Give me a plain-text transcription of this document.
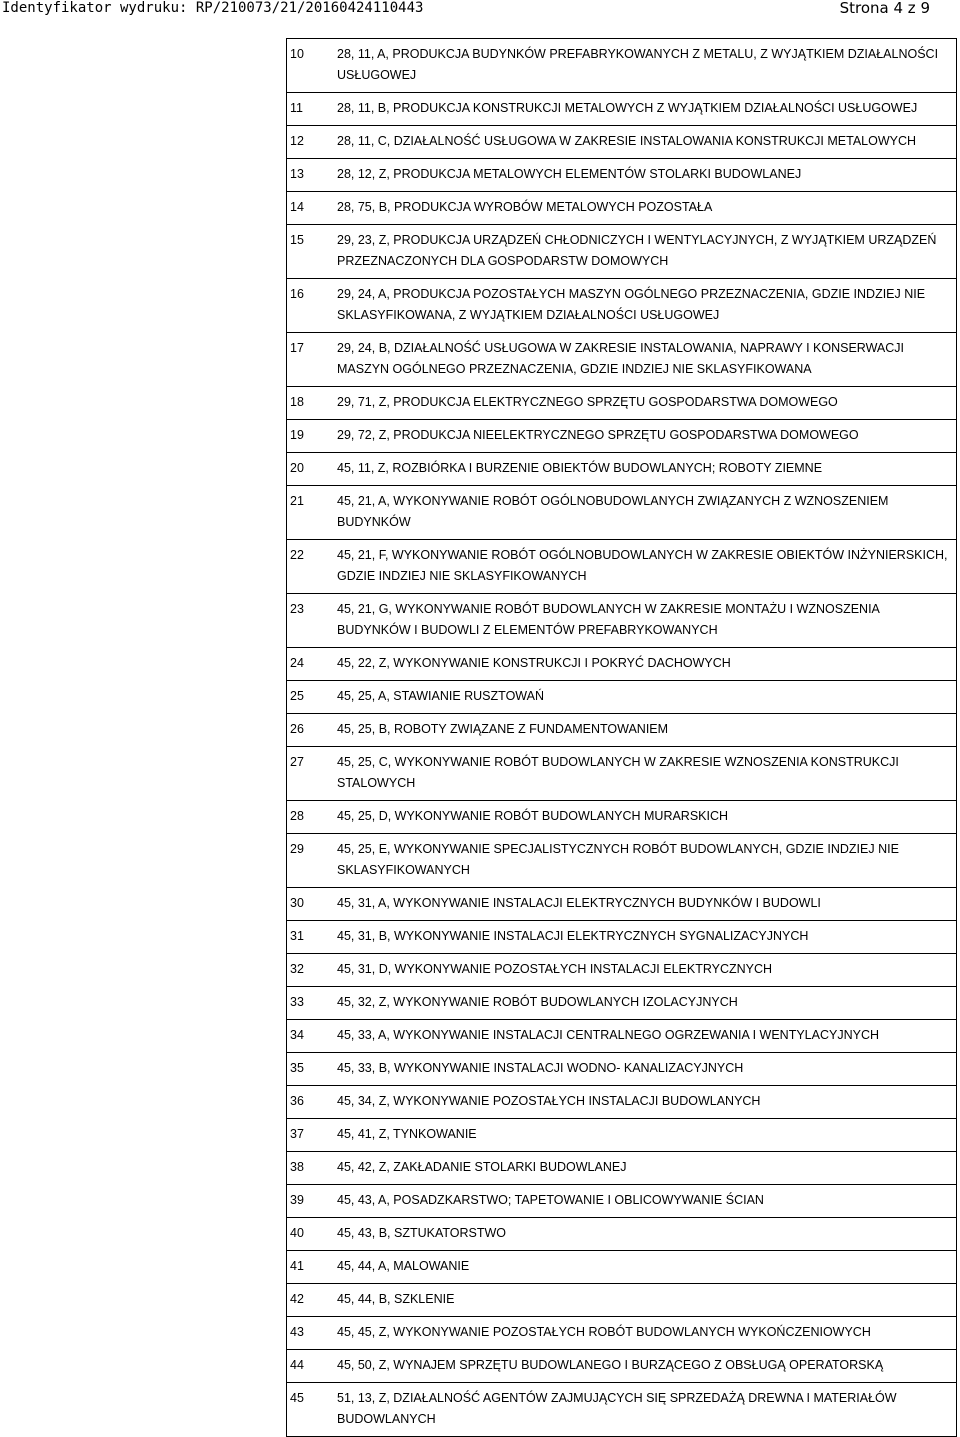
Identyfikator wydruku: RP/210073/21/20160424110443	Strona 4 z 9
10	28, 11, A, PRODUKCJA BUDYNKÓW PREFABRYKOWANYCH Z METALU, Z WYJĄTKIEM DZIAŁALNOŚCI USŁUGOWEJ
11	28, 11, B, PRODUKCJA KONSTRUKCJI METALOWYCH Z WYJĄTKIEM DZIAŁALNOŚCI USŁUGOWEJ
12	28, 11, C, DZIAŁALNOŚĆ USŁUGOWA W ZAKRESIE INSTALOWANIA KONSTRUKCJI METALOWYCH
13	28, 12, Z, PRODUKCJA METALOWYCH ELEMENTÓW STOLARKI BUDOWLANEJ
14	28, 75, B, PRODUKCJA WYROBÓW METALOWYCH POZOSTAŁA
15	29, 23, Z, PRODUKCJA URZĄDZEŃ CHŁODNICZYCH I WENTYLACYJNYCH, Z WYJĄTKIEM URZĄDZEŃ PRZEZNACZONYCH DLA GOSPODARSTW DOMOWYCH
16	29, 24, A, PRODUKCJA POZOSTAŁYCH MASZYN OGÓLNEGO PRZEZNACZENIA, GDZIE INDZIEJ NIE SKLASYFIKOWANA, Z WYJĄTKIEM DZIAŁALNOŚCI USŁUGOWEJ
17	29, 24, B, DZIAŁALNOŚĆ USŁUGOWA W ZAKRESIE INSTALOWANIA, NAPRAWY I KONSERWACJI MASZYN OGÓLNEGO PRZEZNACZENIA, GDZIE INDZIEJ NIE SKLASYFIKOWANA
18	29, 71, Z, PRODUKCJA ELEKTRYCZNEGO SPRZĘTU GOSPODARSTWA DOMOWEGO
19	29, 72, Z, PRODUKCJA NIEELEKTRYCZNEGO SPRZĘTU GOSPODARSTWA DOMOWEGO
20	45, 11, Z, ROZBIÓRKA I BURZENIE OBIEKTÓW BUDOWLANYCH; ROBOTY ZIEMNE
21	45, 21, A, WYKONYWANIE ROBÓT OGÓLNOBUDOWLANYCH ZWIĄZANYCH Z WZNOSZENIEM BUDYNKÓW
22	45, 21, F, WYKONYWANIE ROBÓT OGÓLNOBUDOWLANYCH W ZAKRESIE OBIEKTÓW INŻYNIERSKICH, GDZIE INDZIEJ NIE SKLASYFIKOWANYCH
23	45, 21, G, WYKONYWANIE ROBÓT BUDOWLANYCH W ZAKRESIE MONTAŻU I WZNOSZENIA BUDYNKÓW I BUDOWLI Z ELEMENTÓW PREFABRYKOWANYCH
24	45, 22, Z, WYKONYWANIE KONSTRUKCJI I POKRYĆ DACHOWYCH
25	45, 25, A, STAWIANIE RUSZTOWAŃ
26	45, 25, B, ROBOTY ZWIĄZANE Z FUNDAMENTOWANIEM
27	45, 25, C, WYKONYWANIE ROBÓT BUDOWLANYCH W ZAKRESIE WZNOSZENIA KONSTRUKCJI STALOWYCH
28	45, 25, D, WYKONYWANIE ROBÓT BUDOWLANYCH MURARSKICH
29	45, 25, E, WYKONYWANIE SPECJALISTYCZNYCH ROBÓT BUDOWLANYCH, GDZIE INDZIEJ NIE SKLASYFIKOWANYCH
30	45, 31, A, WYKONYWANIE INSTALACJI ELEKTRYCZNYCH BUDYNKÓW I BUDOWLI
31	45, 31, B, WYKONYWANIE INSTALACJI ELEKTRYCZNYCH SYGNALIZACYJNYCH
32	45, 31, D, WYKONYWANIE POZOSTAŁYCH INSTALACJI ELEKTRYCZNYCH
33	45, 32, Z, WYKONYWANIE ROBÓT BUDOWLANYCH IZOLACYJNYCH
34	45, 33, A, WYKONYWANIE INSTALACJI CENTRALNEGO OGRZEWANIA I WENTYLACYJNYCH
35	45, 33, B, WYKONYWANIE INSTALACJI WODNO- KANALIZACYJNYCH
36	45, 34, Z, WYKONYWANIE POZOSTAŁYCH INSTALACJI BUDOWLANYCH
37	45, 41, Z, TYNKOWANIE
38	45, 42, Z, ZAKŁADANIE STOLARKI BUDOWLANEJ
39	45, 43, A, POSADZKARSTWO; TAPETOWANIE I OBLICOWYWANIE ŚCIAN
40	45, 43, B, SZTUKATORSTWO
41	45, 44, A, MALOWANIE
42	45, 44, B, SZKLENIE
43	45, 45, Z, WYKONYWANIE POZOSTAŁYCH ROBÓT BUDOWLANYCH WYKOŃCZENIOWYCH
44	45, 50, Z, WYNAJEM SPRZĘTU BUDOWLANEGO I BURZĄCEGO Z OBSŁUGĄ OPERATORSKĄ
45	51, 13, Z, DZIAŁALNOŚĆ AGENTÓW ZAJMUJĄCYCH SIĘ SPRZEDAŻĄ DREWNA I MATERIAŁÓW BUDOWLANYCH
